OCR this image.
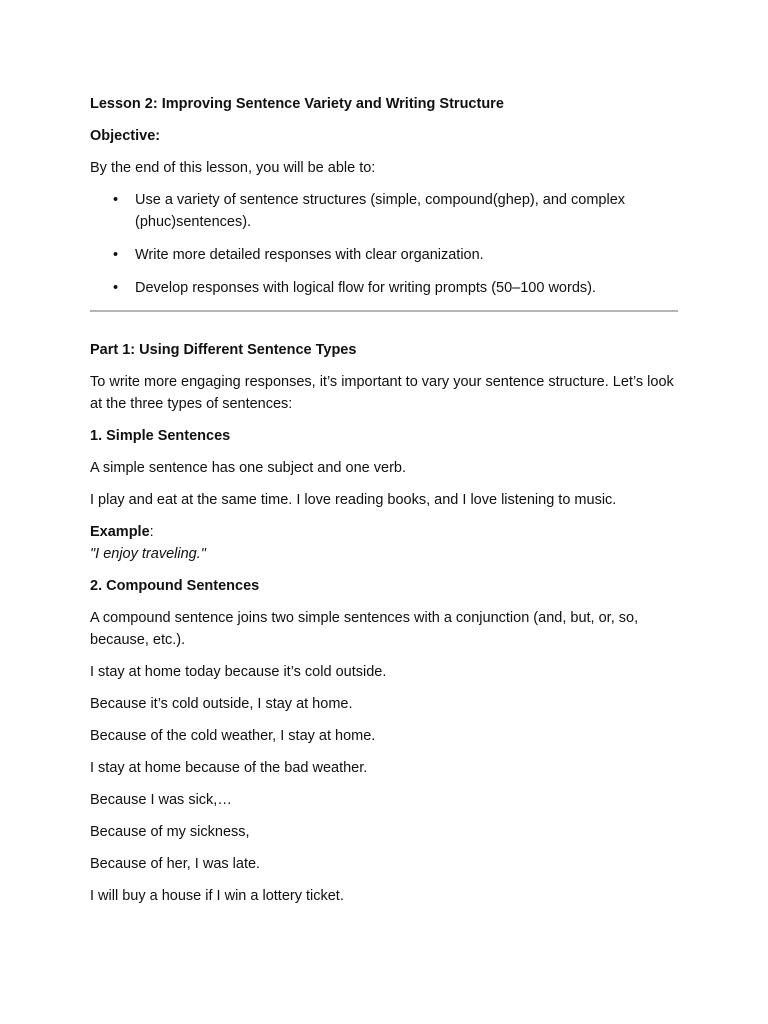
Lesson 2: Improving Sentence Variety and Writing Structure

Objective:

By the end of this lesson, you will be able to:

• Use a variety of sentence structures (simple, compound(ghep), and complex (phuc)sentences).
• Write more detailed responses with clear organization.
• Develop responses with logical flow for writing prompts (50–100 words).

Part 1: Using Different Sentence Types

To write more engaging responses, it’s important to vary your sentence structure. Let’s look at the three types of sentences:

1. Simple Sentences

A simple sentence has one subject and one verb.

I play and eat at the same time. I love reading books, and I love listening to music.

Example:

"I enjoy traveling."

2. Compound Sentences

A compound sentence joins two simple sentences with a conjunction (and, but, or, so, because, etc.).

I stay at home today because it’s cold outside.

Because it’s cold outside, I stay at home.

Because of the cold weather, I stay at home.

I stay at home because of the bad weather.

Because I was sick,…

Because of my sickness,

Because of her, I was late.

I will buy a house if I win a lottery ticket.
